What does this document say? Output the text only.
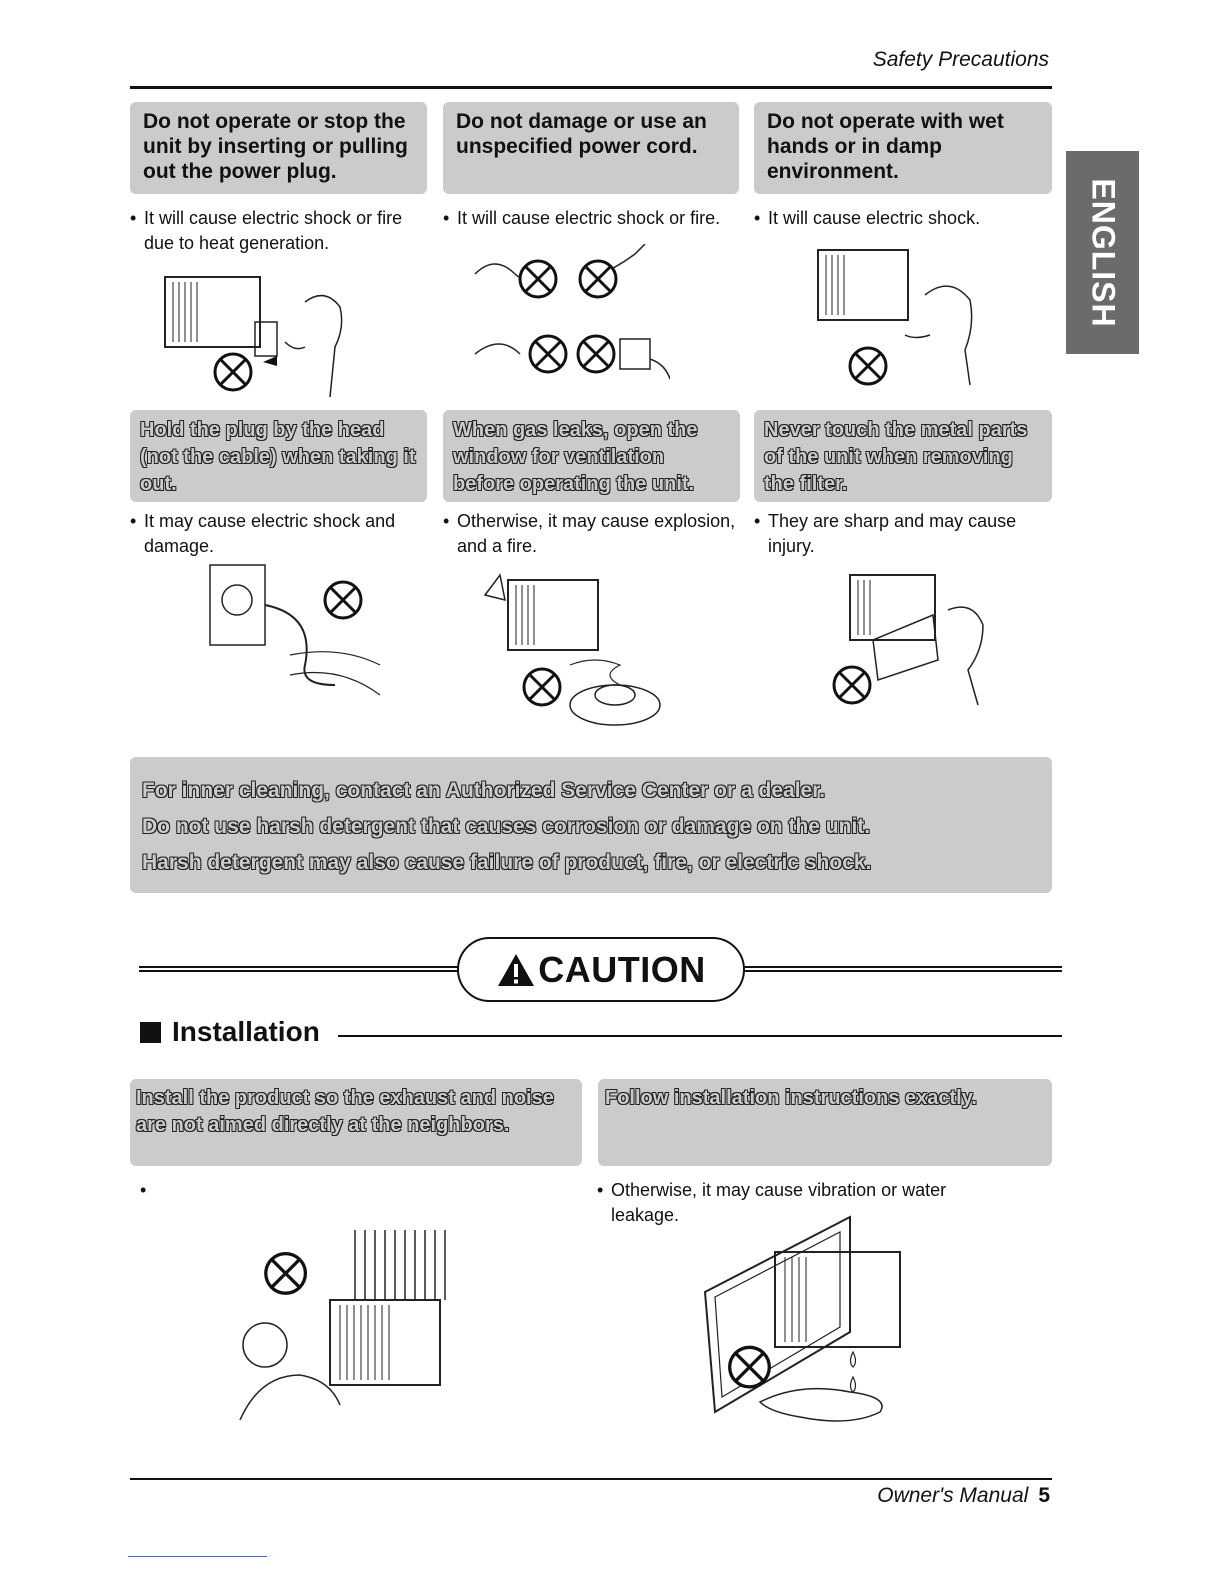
Safety Precautions
ENGLISH
Do not operate or stop the unit by inserting or pulling out the power plug.
Do not damage or use an unspecified power cord.
Do not operate with wet hands or in damp environment.
• It will cause electric shock or fire due to heat generation.
• It will cause electric shock or fire.	• It will cause electric shock.
Hold the plug by the head (not the cable) when taking it out.
When gas leaks, open the window for ventilation before operating the unit.
Never touch the metal parts of the unit when removing the filter.
• It may cause electric shock and damage.
• Otherwise, it may cause explosion, and a fire.
• They are sharp and may cause injury.
For inner cleaning, contact an Authorized Service Center or a dealer.
Do not use harsh detergent that causes corrosion or damage on the unit.
Harsh detergent may also cause failure of product, fire, or electric shock.
CAUTION
Installation
Install the product so the exhaust and noise are not aimed directly at the neighbors.
Follow installation instructions exactly.
•	• Otherwise, it may cause vibration or water leakage.
Owner's Manual 5
